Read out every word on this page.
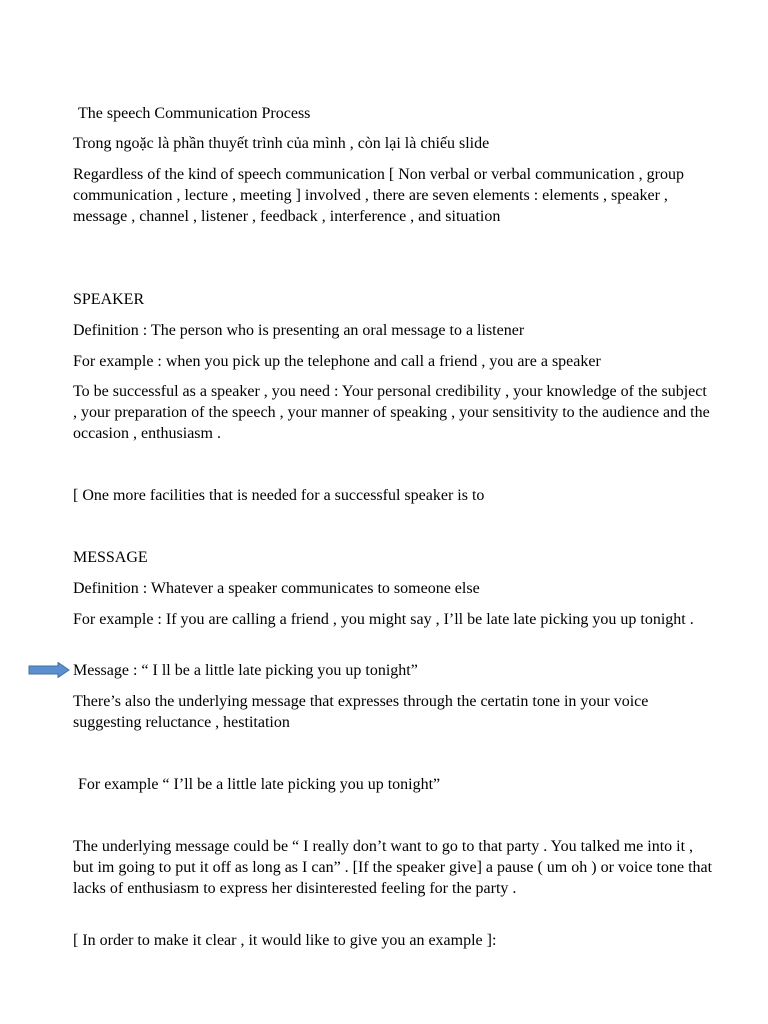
The speech Communication Process

Trong ngoặc là phần thuyết trình của mình , còn lại là chiếu slide

Regardless of the kind of speech communication [ Non verbal or verbal communication , group communication , lecture , meeting ] involved , there are seven elements : elements , speaker , message , channel , listener , feedback , interference , and situation

SPEAKER

Definition : The person who is presenting an oral message to a listener

For example : when you pick up the telephone and call a friend , you are a speaker

To be successful as a speaker , you need : Your personal credibility , your knowledge of the subject , your preparation of the speech , your manner of speaking , your sensitivity to the audience and the occasion , enthusiasm .

[ One more facilities that is needed for a successful speaker is to

MESSAGE

Definition : Whatever a speaker communicates to someone else

For example : If you are calling a friend , you might say , I’ll be late late picking you up tonight .

Message : “ I ll be a little late picking you up tonight”

There’s also the underlying message that expresses through the certatin tone in your voice suggesting reluctance , hestitation

For example “ I’ll be a little late picking you up tonight”

The underlying message could be “ I really don’t want to go to that party . You talked me into it , but im going to put it off as long as I can” . [If the speaker give] a pause ( um oh ) or voice tone that lacks of enthusiasm to express her disinterested feeling for the party .

[ In order to make it clear , it would like to give you an example ]:
